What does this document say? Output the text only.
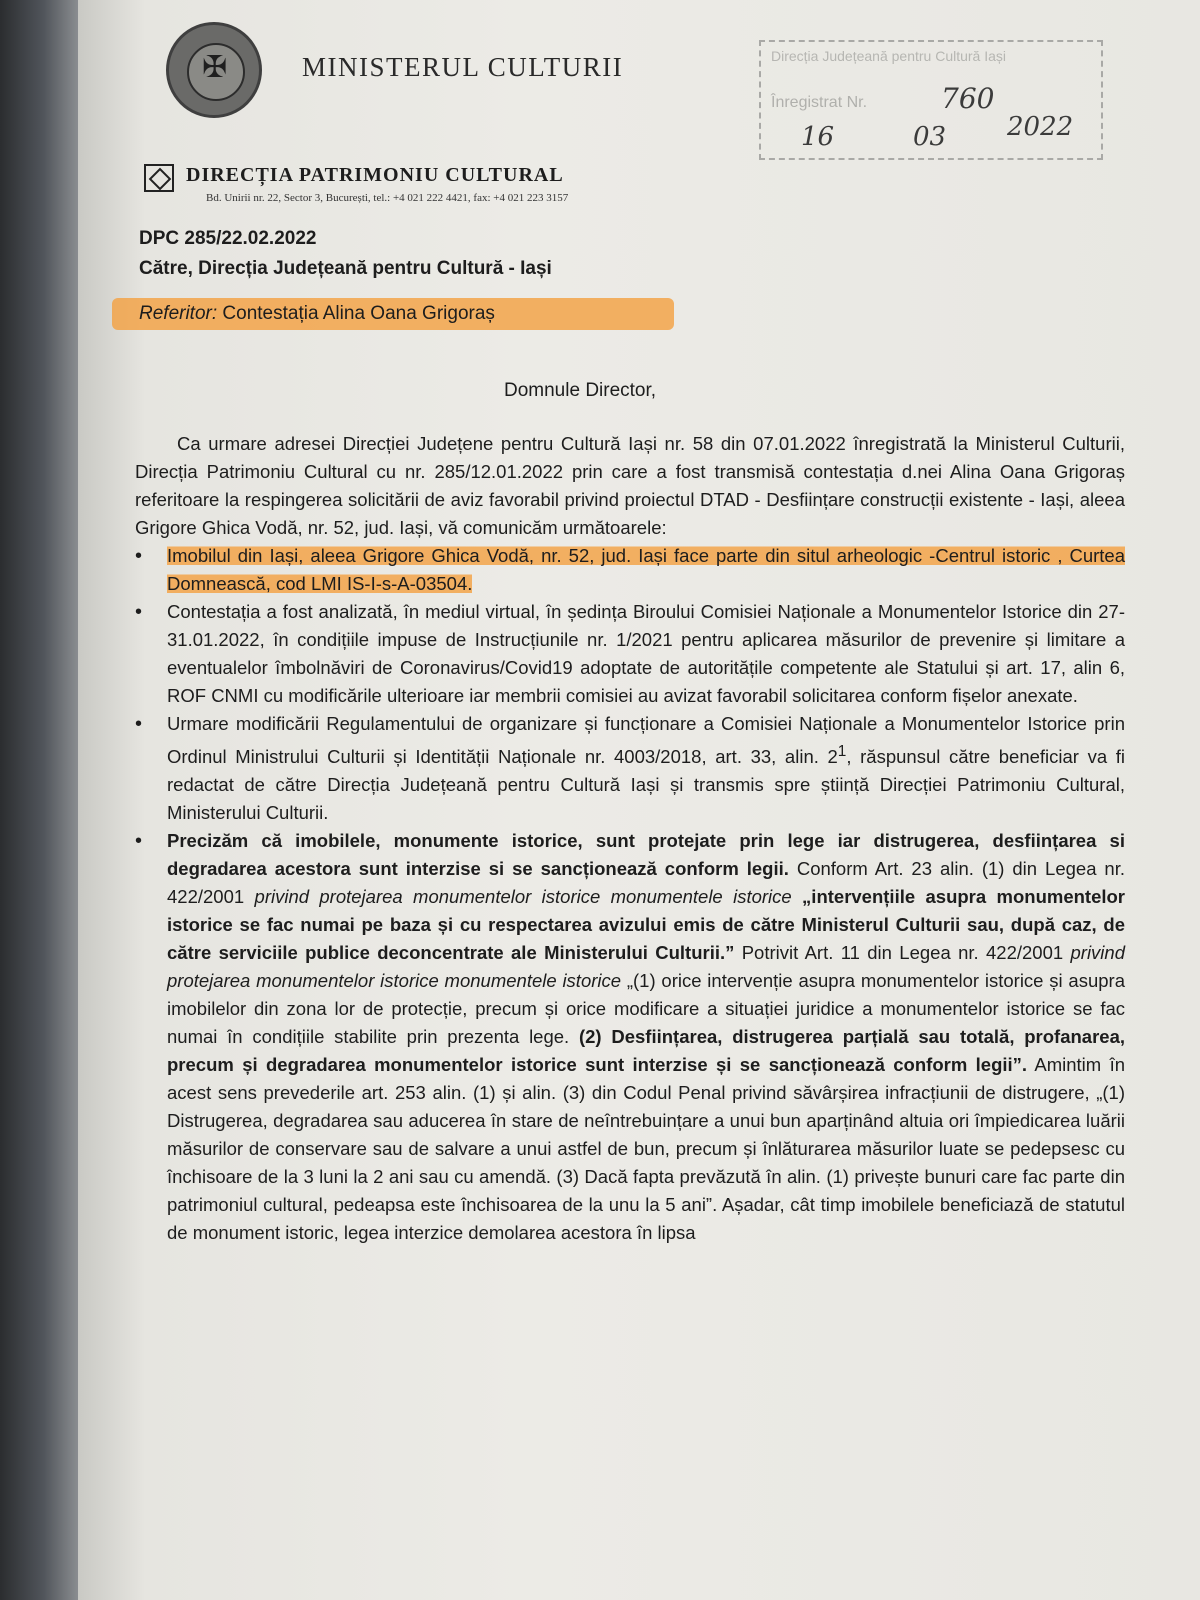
✠	MINISTERUL CULTURII	Direcția Județeană pentru Cultură Iași
Înregistrat Nr.	760
16	03 2022
DIRECȚIA PATRIMONIU CULTURAL
Bd. Unirii nr. 22, Sector 3, București, tel.: +4 021 222 4421, fax: +4 021 223 3157
DPC 285/22.02.2022
Către, Direcția Județeană pentru Cultură - Iași
Referitor: Contestația Alina Oana Grigoraș
Domnule Director,

Ca urmare adresei Direcției Județene pentru Cultură Iași nr. 58 din 07.01.2022 înregistrată la Ministerul Culturii, Direcția Patrimoniu Cultural cu nr. 285/12.01.2022 prin care a fost transmisă contestația d.nei Alina Oana Grigoraș referitoare la respingerea solicitării de aviz favorabil privind proiectul DTAD - Desființare construcții existente - Iași, aleea Grigore Ghica Vodă, nr. 52, jud. Iași, vă comunicăm următoarele:

• Imobilul din Iași, aleea Grigore Ghica Vodă, nr. 52, jud. Iași face parte din situl arheologic -Centrul istoric , Curtea Domnească, cod LMI IS-I-s-A-03504.
• Contestația a fost analizată, în mediul virtual, în ședința Biroului Comisiei Naționale a Monumentelor Istorice din 27-31.01.2022, în condițiile impuse de Instrucțiunile nr. 1/2021 pentru aplicarea măsurilor de prevenire și limitare a eventualelor îmbolnăviri de Coronavirus/Covid19 adoptate de autoritățile competente ale Statului și art. 17, alin 6, ROF CNMI cu modificările ulterioare iar membrii comisiei au avizat favorabil solicitarea conform fișelor anexate.
• Urmare modificării Regulamentului de organizare și funcționare a Comisiei Naționale a Monumentelor Istorice prin Ordinul Ministrului Culturii și Identității Naționale nr. 4003/2018, art. 33, alin. $2^1$, răspunsul către beneficiar va fi redactat de către Direcția Județeană pentru Cultură Iași și transmis spre știință Direcției Patrimoniu Cultural, Ministerului Culturii.
• Precizăm că imobilele, monumente istorice, sunt protejate prin lege iar distrugerea, desființarea si degradarea acestora sunt interzise si se sancționează conform legii. Conform Art. 23 alin. (1) din Legea nr. 422/2001 privind protejarea monumentelor istorice monumentele istorice „intervențiile asupra monumentelor istorice se fac numai pe baza și cu respectarea avizului emis de către Ministerul Culturii sau, după caz, de către serviciile publice deconcentrate ale Ministerului Culturii.” Potrivit Art. 11 din Legea nr. 422/2001 privind protejarea monumentelor istorice monumentele istorice „(1) orice intervenție asupra monumentelor istorice și asupra imobilelor din zona lor de protecție, precum și orice modificare a situației juridice a monumentelor istorice se fac numai în condițiile stabilite prin prezenta lege. (2) Desființarea, distrugerea parțială sau totală, profanarea, precum și degradarea monumentelor istorice sunt interzise și se sancționează conform legii”. Amintim în acest sens prevederile art. 253 alin. (1) și alin. (3) din Codul Penal privind săvârșirea infracțiunii de distrugere, „(1) Distrugerea, degradarea sau aducerea în stare de neîntrebuințare a unui bun aparținând altuia ori împiedicarea luării măsurilor de conservare sau de salvare a unui astfel de bun, precum și înlăturarea măsurilor luate se pedepsesc cu închisoare de la 3 luni la 2 ani sau cu amendă. (3) Dacă fapta prevăzută în alin. (1) privește bunuri care fac parte din patrimoniul cultural, pedeapsa este închisoarea de la unu la 5 ani”. Așadar, cât timp imobilele beneficiază de statutul de monument istoric, legea interzice demolarea acestora în lipsa
